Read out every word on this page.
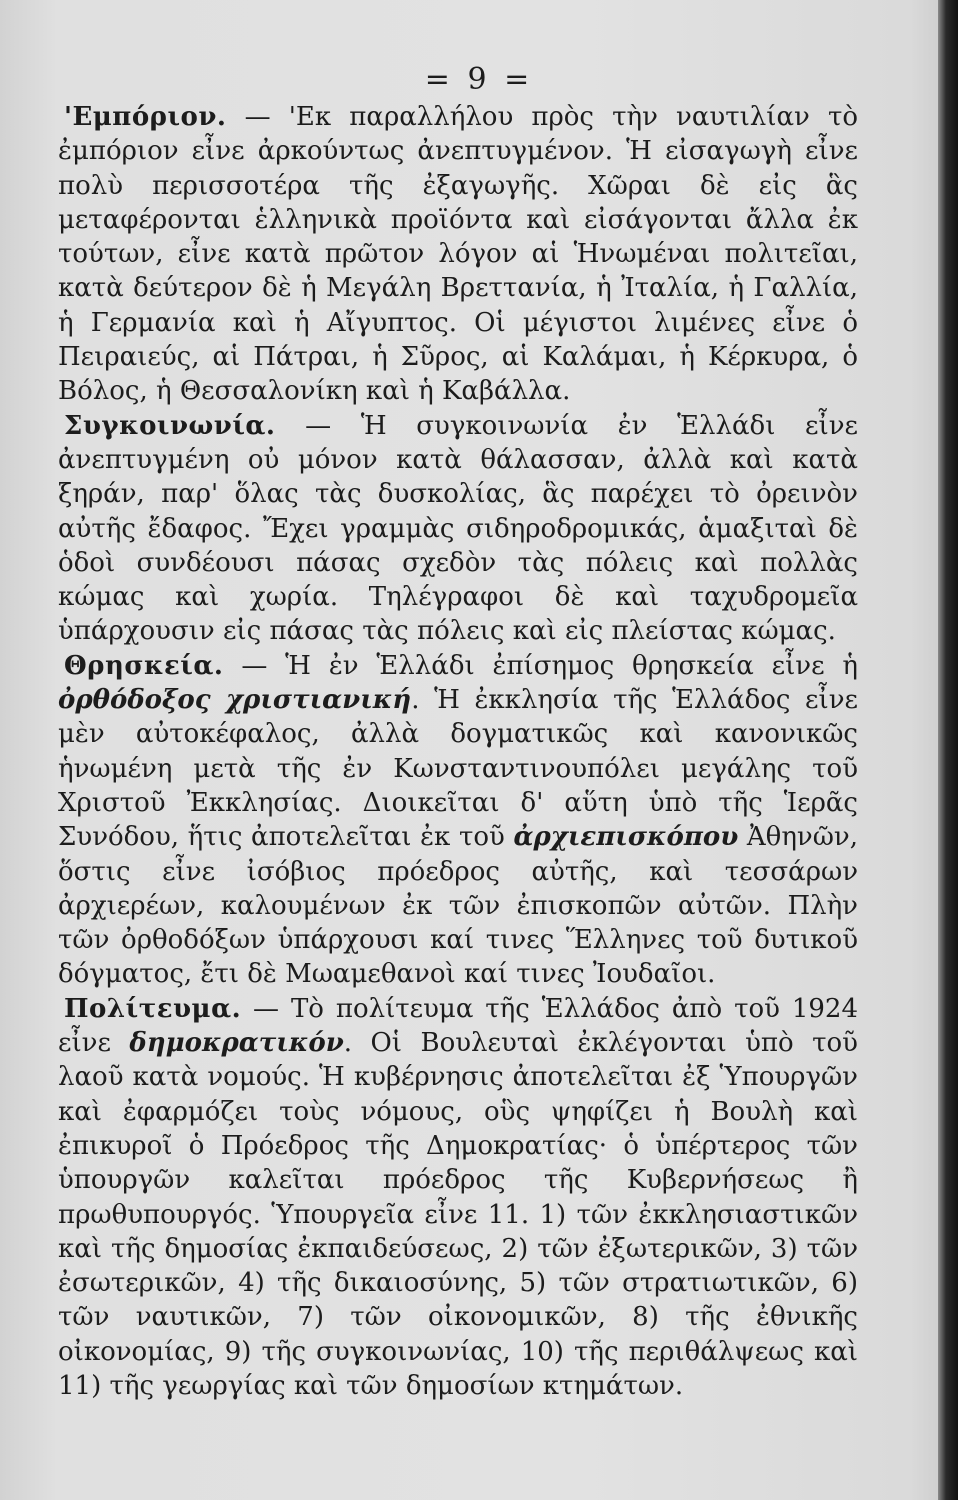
= 9 =

'Εμπόριον. — 'Εκ παραλλήλου πρὸς τὴν ναυτιλίαν τὸ ἐμπόριον εἶνε ἀρκούντως ἀνεπτυγμένον. Ἡ εἰσαγωγὴ εἶνε πολὺ περισσοτέρα τῆς ἐξαγωγῆς. Χῶραι δὲ εἰς ἃς μεταφέρονται ἑλληνικὰ προϊόντα καὶ εἰσάγονται ἄλλα ἐκ τούτων, εἶνε κατὰ πρῶτον λόγον αἱ Ἡνωμέναι πολιτεῖαι, κατὰ δεύτερον δὲ ἡ Μεγάλη Βρεττανία, ἡ Ἰταλία, ἡ Γαλλία, ἡ Γερμανία καὶ ἡ Αἴγυπτος. Οἱ μέγιστοι λιμένες εἶνε ὁ Πειραιεύς, αἱ Πάτραι, ἡ Σῦρος, αἱ Καλάμαι, ἡ Κέρκυρα, ὁ Βόλος, ἡ Θεσσαλονίκη καὶ ἡ Καβάλλα.

Συγκοινωνία. — Ἡ συγκοινωνία ἐν Ἑλλάδι εἶνε ἀνεπτυγμένη οὐ μόνον κατὰ θάλασσαν, ἀλλὰ καὶ κατὰ ξηράν, παρ' ὅλας τὰς δυσκολίας, ἃς παρέχει τὸ ὀρεινὸν αὐτῆς ἔδαφος. Ἔχει γραμμὰς σιδηροδρομικάς, ἁμαξιταὶ δὲ ὁδοὶ συνδέουσι πάσας σχεδὸν τὰς πόλεις καὶ πολλὰς κώμας καὶ χωρία. Τηλέγραφοι δὲ καὶ ταχυδρομεῖα ὑπάρχουσιν εἰς πάσας τὰς πόλεις καὶ εἰς πλείστας κώμας.

Θρησκεία. — Ἡ ἐν Ἑλλάδι ἐπίσημος θρησκεία εἶνε ἡ ὀρθόδοξος χριστιανική. Ἡ ἐκκλησία τῆς Ἑλλάδος εἶνε μὲν αὐτοκέφαλος, ἀλλὰ δογματικῶς καὶ κανονικῶς ἡνωμένη μετὰ τῆς ἐν Κωνσταντινουπόλει μεγάλης τοῦ Χριστοῦ Ἐκκλησίας. Διοικεῖται δ' αὕτη ὑπὸ τῆς Ἱερᾶς Συνόδου, ἥτις ἀποτελεῖται ἐκ τοῦ ἀρχιεπισκόπου Ἀθηνῶν, ὅστις εἶνε ἰσόβιος πρόεδρος αὐτῆς, καὶ τεσσάρων ἀρχιερέων, καλουμένων ἐκ τῶν ἐπισκοπῶν αὐτῶν. Πλὴν τῶν ὀρθοδόξων ὑπάρχουσι καί τινες Ἕλληνες τοῦ δυτικοῦ δόγματος, ἔτι δὲ Μωαμεθανοὶ καί τινες Ἰουδαῖοι.

Πολίτευμα. — Τὸ πολίτευμα τῆς Ἑλλάδος ἀπὸ τοῦ 1924 εἶνε δημοκρατικόν. Οἱ Βουλευταὶ ἐκλέγονται ὑπὸ τοῦ λαοῦ κατὰ νομούς. Ἡ κυβέρνησις ἀποτελεῖται ἐξ Ὑπουργῶν καὶ ἐφαρμόζει τοὺς νόμους, οὓς ψηφίζει ἡ Βουλὴ καὶ ἐπικυροῖ ὁ Πρόεδρος τῆς Δημοκρατίας· ὁ ὑπέρτερος τῶν ὑπουργῶν καλεῖται πρόεδρος τῆς Κυβερνήσεως ἢ πρωθυπουργός. Ὑπουργεῖα εἶνε 11. 1) τῶν ἐκκλησιαστικῶν καὶ τῆς δημοσίας ἐκπαιδεύσεως, 2) τῶν ἐξωτερικῶν, 3) τῶν ἐσωτερικῶν, 4) τῆς δικαιοσύνης, 5) τῶν στρατιωτικῶν, 6) τῶν ναυτικῶν, 7) τῶν οἰκονομικῶν, 8) τῆς ἐθνικῆς οἰκονομίας, 9) τῆς συγκοινωνίας, 10) τῆς περιθάλψεως καὶ 11) τῆς γεωργίας καὶ τῶν δημοσίων κτημάτων.
